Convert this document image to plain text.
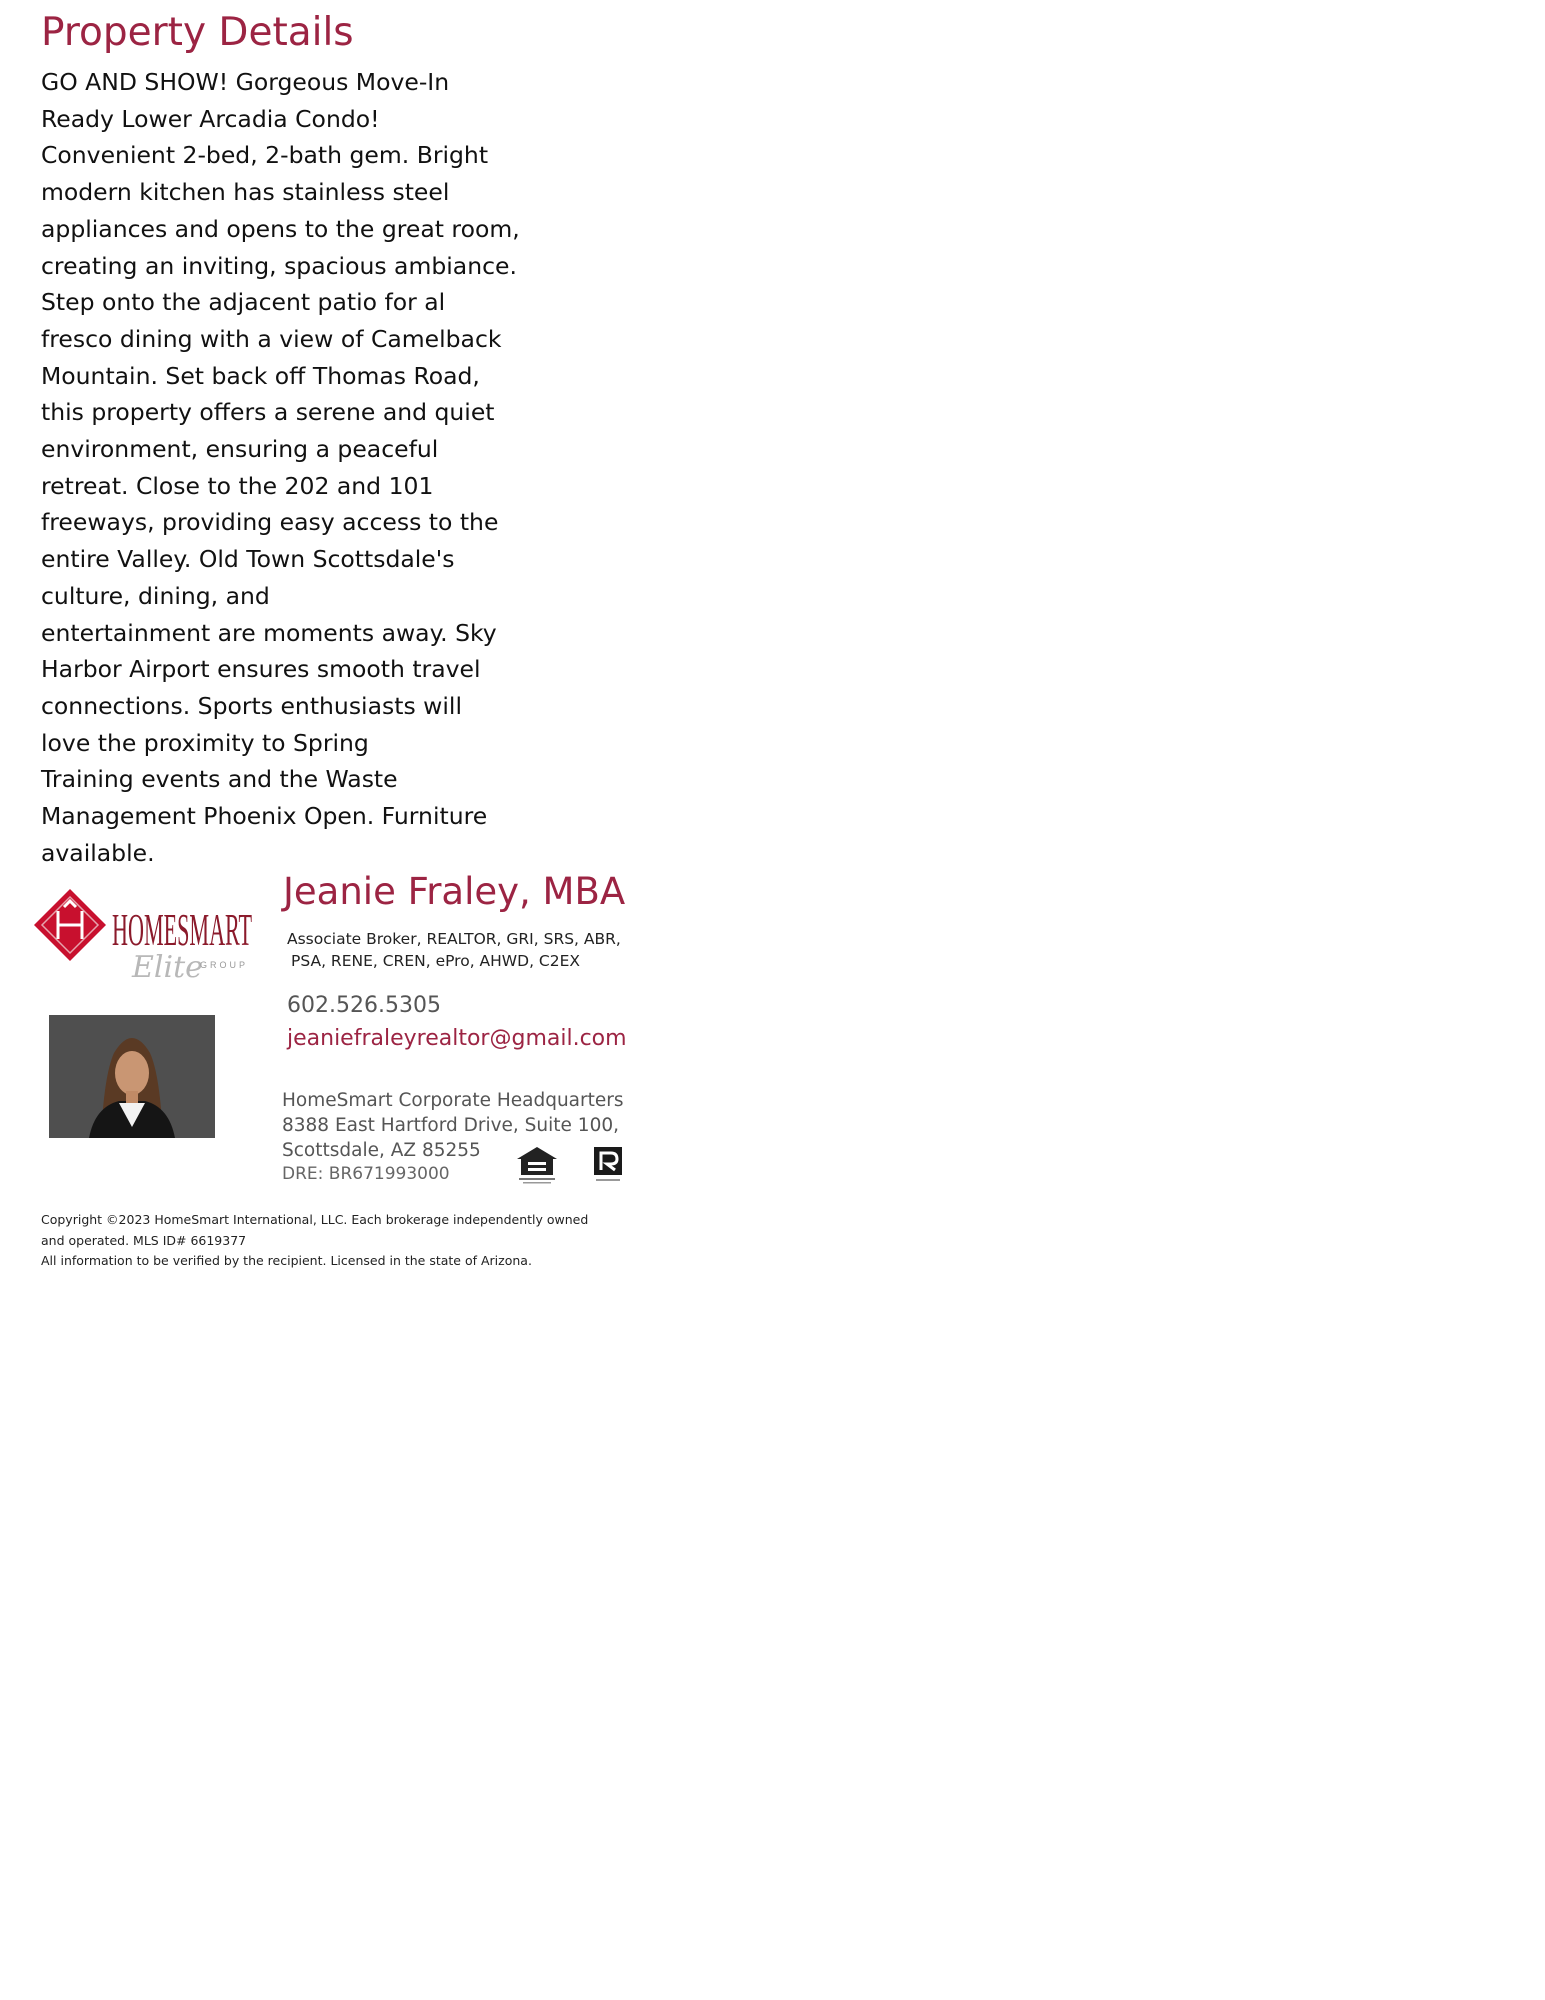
Property Details
GO AND SHOW! Gorgeous Move-In
Ready Lower Arcadia Condo!
Convenient 2-bed, 2-bath gem. Bright
modern kitchen has stainless steel
appliances and opens to the great room,
creating an inviting, spacious ambiance.
Step onto the adjacent patio for al
fresco dining with a view of Camelback
Mountain. Set back off Thomas Road,
this property offers a serene and quiet
environment, ensuring a peaceful
retreat. Close to the 202 and 101
freeways, providing easy access to the
entire Valley. Old Town Scottsdale's
culture, dining, and
entertainment are moments away. Sky
Harbor Airport ensures smooth travel
connections. Sports enthusiasts will
love the proximity to Spring
Training events and the Waste
Management Phoenix Open. Furniture
available.
HOMESMART
Elite
GROUP
Jeanie Fraley, MBA
Associate Broker, REALTOR, GRI, SRS, ABR,
PSA, RENE, CREN, ePro, AHWD, C2EX
602.526.5305
jeaniefraleyrealtor@gmail.com
HomeSmart Corporate Headquarters
8388 East Hartford Drive, Suite 100,
Scottsdale, AZ 85255
DRE: BR671993000
Copyright ©2023 HomeSmart International, LLC. Each brokerage independently owned
and operated. MLS ID# 6619377
All information to be verified by the recipient. Licensed in the state of Arizona.
